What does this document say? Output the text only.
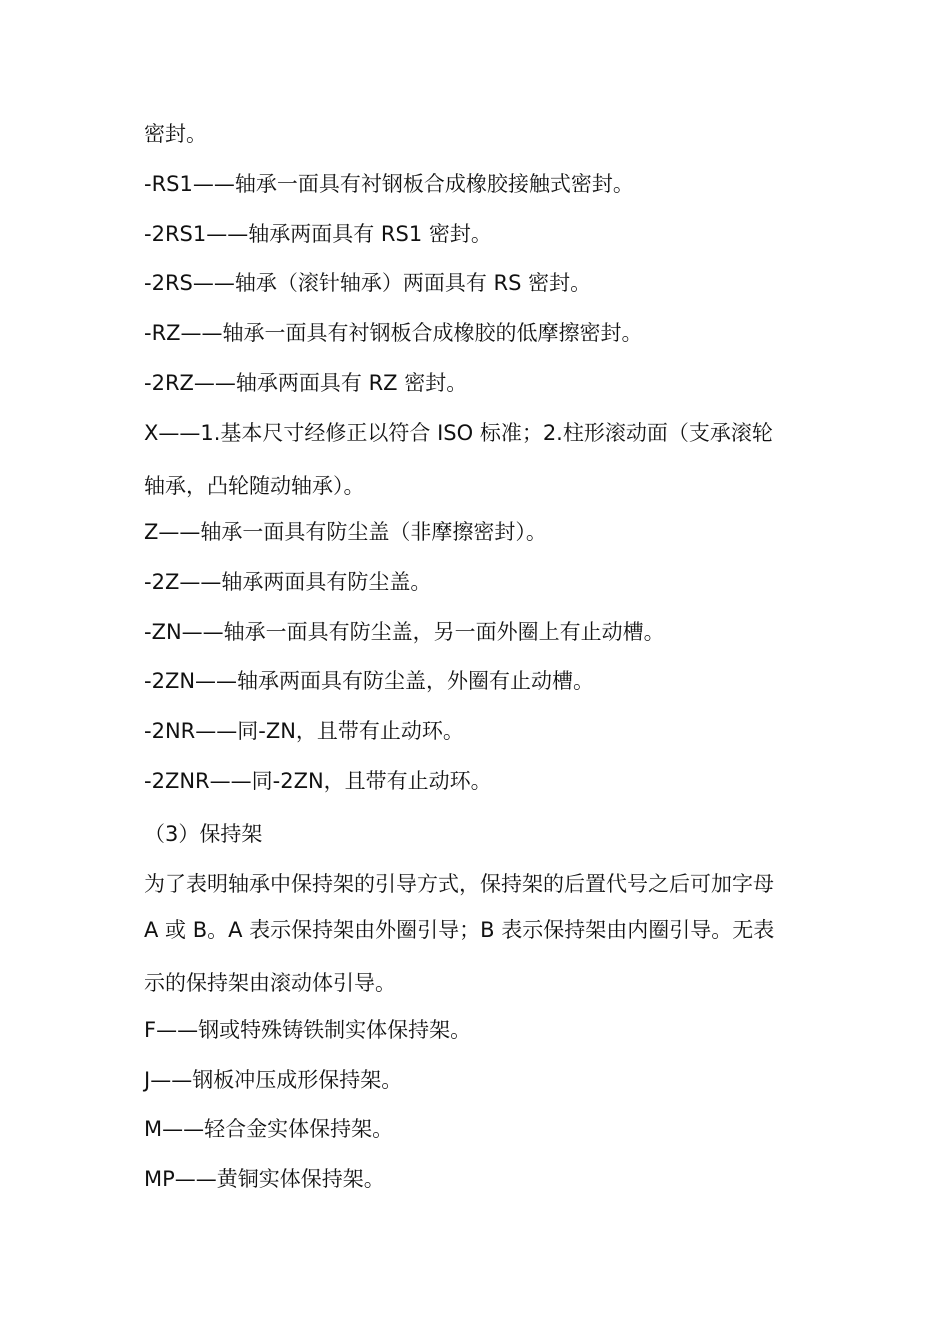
密封。
-RS1——轴承一面具有衬钢板合成橡胶接触式密封。
-2RS1——轴承两面具有 RS1 密封。
-2RS——轴承（滚针轴承）两面具有 RS 密封。
-RZ——轴承一面具有衬钢板合成橡胶的低摩擦密封。
-2RZ——轴承两面具有 RZ 密封。
X——1.基本尺寸经修正以符合 ISO 标准；2.柱形滚动面（支承滚轮
轴承，凸轮随动轴承）。
Z——轴承一面具有防尘盖（非摩擦密封）。
-2Z——轴承两面具有防尘盖。
-ZN——轴承一面具有防尘盖，另一面外圈上有止动槽。
-2ZN——轴承两面具有防尘盖，外圈有止动槽。
-2NR——同-ZN，且带有止动环。
-2ZNR——同-2ZN，且带有止动环。
（3）保持架
为了表明轴承中保持架的引导方式，保持架的后置代号之后可加字母
A 或 B。A 表示保持架由外圈引导；B 表示保持架由内圈引导。无表
示的保持架由滚动体引导。
F——钢或特殊铸铁制实体保持架。
J——钢板冲压成形保持架。
M——轻合金实体保持架。
MP——黄铜实体保持架。
